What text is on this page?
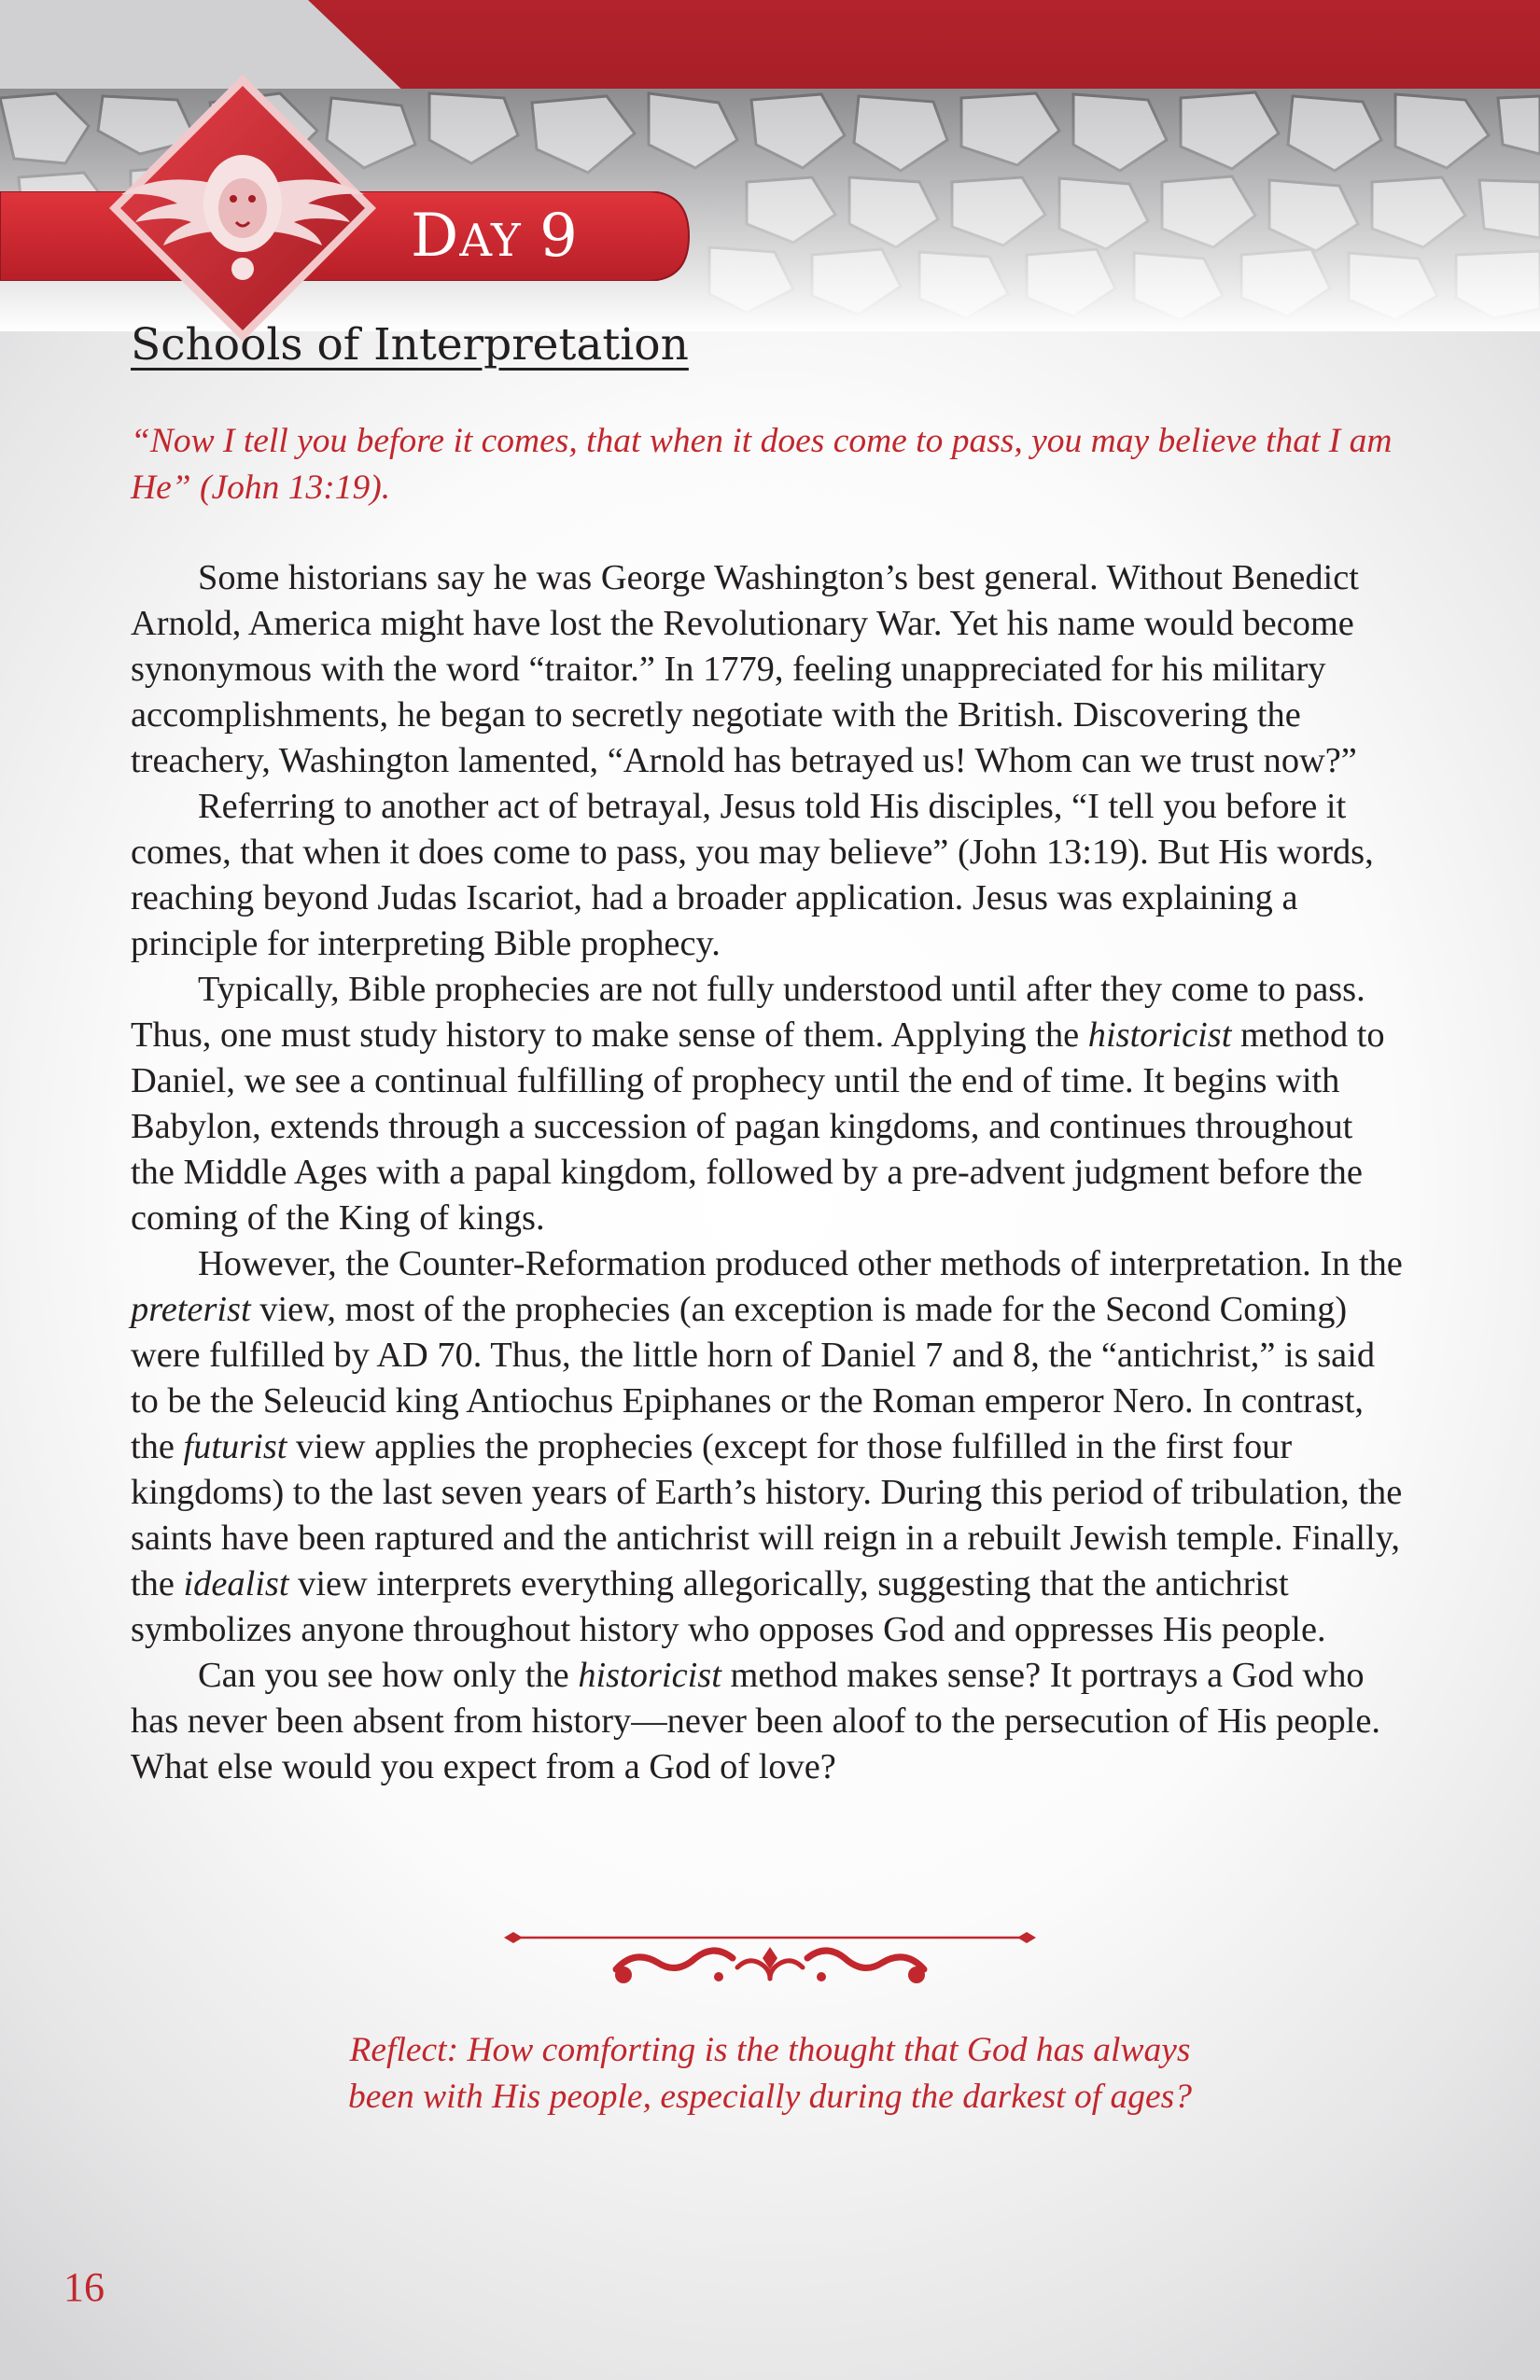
DAY 9
Schools of Interpretation

“Now I tell you before it comes, that when it does come to pass, you may believe that I am He” (John 13:19).

Some historians say he was George Washington’s best general. Without Benedict Arnold, America might have lost the Revolutionary War. Yet his name would become synonymous with the word “traitor.” In 1779, feeling unappreciated for his military accomplishments, he began to secretly negotiate with the British. Discovering the treachery, Washington lamented, “Arnold has betrayed us! Whom can we trust now?”

Referring to another act of betrayal, Jesus told His disciples, “I tell you before it comes, that when it does come to pass, you may believe” (John 13:19). But His words, reaching beyond Judas Iscariot, had a broader application. Jesus was explaining a principle for interpreting Bible prophecy.

Typically, Bible prophecies are not fully understood until after they come to pass. Thus, one must study history to make sense of them. Applying the historicist method to Daniel, we see a continual fulfilling of prophecy until the end of time. It begins with Babylon, extends through a succession of pagan kingdoms, and continues throughout the Middle Ages with a papal kingdom, followed by a pre-advent judgment before the coming of the King of kings.

However, the Counter-Reformation produced other methods of interpretation. In the preterist view, most of the prophecies (an exception is made for the Second Coming) were fulfilled by AD 70. Thus, the little horn of Daniel 7 and 8, the “antichrist,” is said to be the Seleucid king Antiochus Epiphanes or the Roman emperor Nero. In contrast, the futurist view applies the prophecies (except for those fulfilled in the first four kingdoms) to the last seven years of Earth’s history. During this period of tribulation, the saints have been raptured and the antichrist will reign in a rebuilt Jewish temple. Finally, the idealist view interprets everything allegorically, suggesting that the antichrist symbolizes anyone throughout history who opposes God and oppresses His people.

Can you see how only the historicist method makes sense? It portrays a God who has never been absent from history—never been aloof to the persecution of His people. What else would you expect from a God of love?

Reflect: How comforting is the thought that God has always
been with His people, especially during the darkest of ages?
16
